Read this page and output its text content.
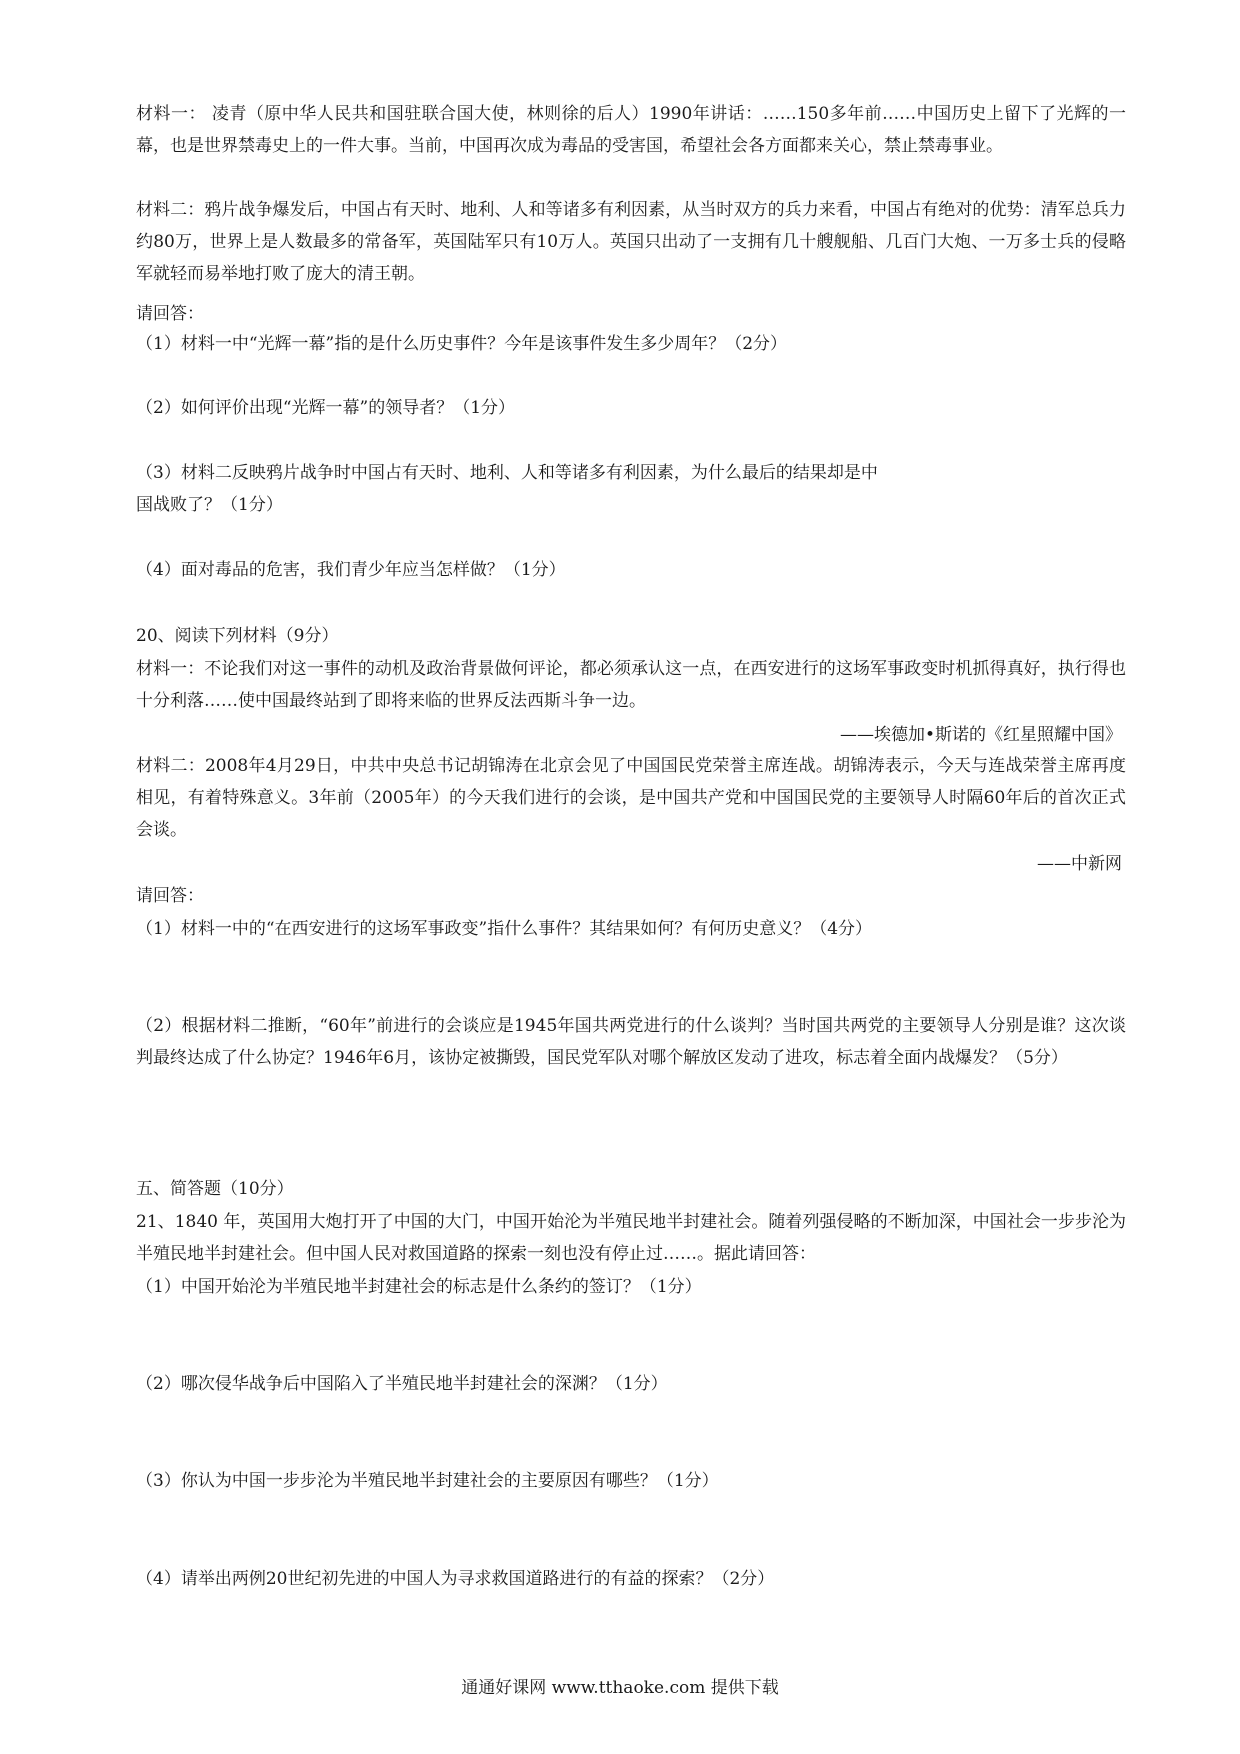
材料一： 凌青（原中华人民共和国驻联合国大使，林则徐的后人）1990年讲话：……150多年前……中国历史上留下了光辉的一幕，也是世界禁毒史上的一件大事。当前，中国再次成为毒品的受害国，希望社会各方面都来关心，禁止禁毒事业。
材料二：鸦片战争爆发后，中国占有天时、地利、人和等诸多有利因素，从当时双方的兵力来看，中国占有绝对的优势：清军总兵力约80万，世界上是人数最多的常备军，英国陆军只有10万人。英国只出动了一支拥有几十艘舰船、几百门大炮、一万多士兵的侵略军就轻而易举地打败了庞大的清王朝。
请回答：
（1）材料一中“光辉一幕”指的是什么历史事件？今年是该事件发生多少周年？（2分）
（2）如何评价出现“光辉一幕”的领导者？（1分）
（3）材料二反映鸦片战争时中国占有天时、地利、人和等诸多有利因素，为什么最后的结果却是中
国战败了？（1分）
（4）面对毒品的危害，我们青少年应当怎样做？（1分）
20、阅读下列材料（9分）
材料一：不论我们对这一事件的动机及政治背景做何评论，都必须承认这一点，在西安进行的这场军事政变时机抓得真好，执行得也十分利落……使中国最终站到了即将来临的世界反法西斯斗争一边。
——埃德加•斯诺的《红星照耀中国》
材料二：2008年4月29日，中共中央总书记胡锦涛在北京会见了中国国民党荣誉主席连战。胡锦涛表示，今天与连战荣誉主席再度相见，有着特殊意义。3年前（2005年）的今天我们进行的会谈，是中国共产党和中国国民党的主要领导人时隔60年后的首次正式会谈。
——中新网
请回答：
（1）材料一中的“在西安进行的这场军事政变”指什么事件？其结果如何？有何历史意义？（4分）
（2）根据材料二推断，“60年”前进行的会谈应是1945年国共两党进行的什么谈判？当时国共两党的主要领导人分别是谁？这次谈判最终达成了什么协定？1946年6月，该协定被撕毁，国民党军队对哪个解放区发动了进攻，标志着全面内战爆发？（5分）
五、简答题（10分）
21、1840 年，英国用大炮打开了中国的大门，中国开始沦为半殖民地半封建社会。随着列强侵略的不断加深，中国社会一步步沦为半殖民地半封建社会。但中国人民对救国道路的探索一刻也没有停止过……。据此请回答：
（1）中国开始沦为半殖民地半封建社会的标志是什么条约的签订？（1分）
（2）哪次侵华战争后中国陷入了半殖民地半封建社会的深渊？（1分）
（3）你认为中国一步步沦为半殖民地半封建社会的主要原因有哪些？（1分）
（4）请举出两例20世纪初先进的中国人为寻求救国道路进行的有益的探索？（2分）
通通好课网 www.tthaoke.com 提供下载
